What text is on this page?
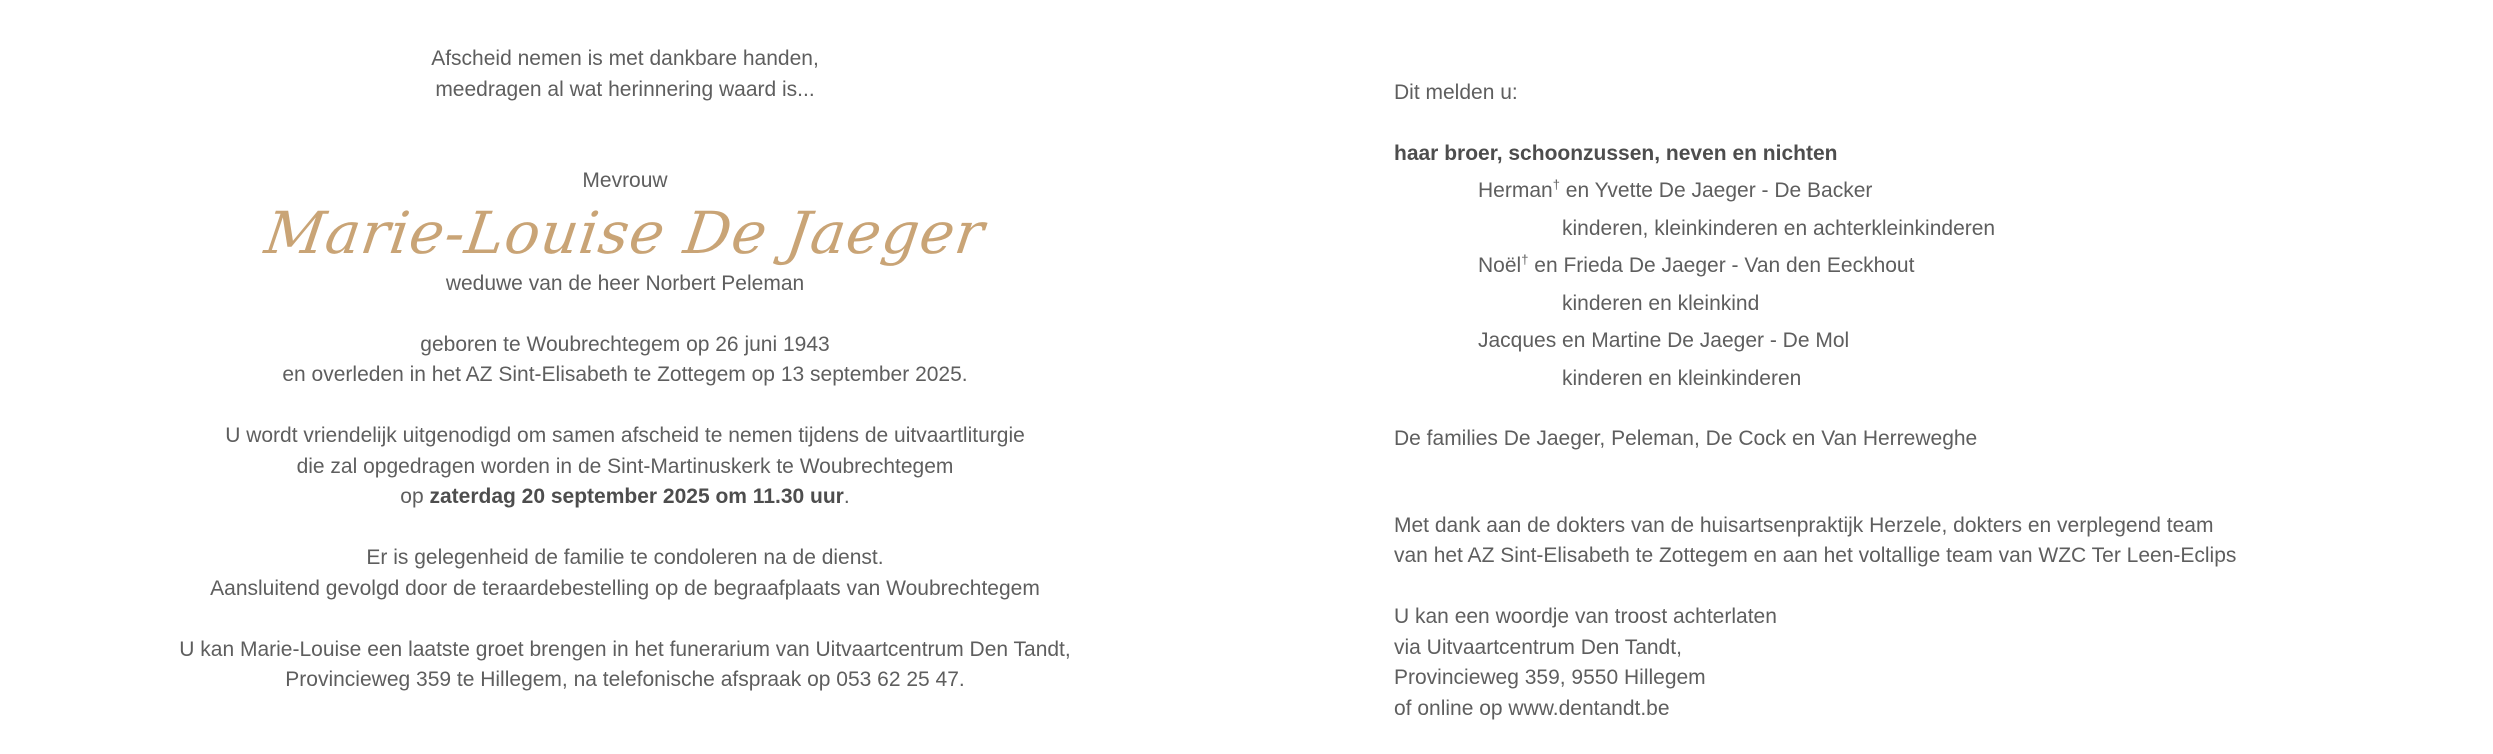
Afscheid nemen is met dankbare handen,

meedragen al wat herinnering waard is...

Mevrouw

Marie-Louise De Jaeger

weduwe van de heer Norbert Peleman

geboren te Woubrechtegem op 26 juni 1943

en overleden in het AZ Sint-Elisabeth te Zottegem op 13 september 2025.

U wordt vriendelijk uitgenodigd om samen afscheid te nemen tijdens de uitvaartliturgie

die zal opgedragen worden in de Sint-Martinuskerk te Woubrechtegem

op zaterdag 20 september 2025 om 11.30 uur.

Er is gelegenheid de familie te condoleren na de dienst.

Aansluitend gevolgd door de teraardebestelling op de begraafplaats van Woubrechtegem

U kan Marie-Louise een laatste groet brengen in het funerarium van Uitvaartcentrum Den Tandt,

Provincieweg 359 te Hillegem, na telefonische afspraak op 053 62 25 47.

Dit melden u:

haar broer, schoonzussen, neven en nichten

Herman† en Yvette De Jaeger - De Backer

kinderen, kleinkinderen en achterkleinkinderen

Noël† en Frieda De Jaeger - Van den Eeckhout

kinderen en kleinkind

Jacques en Martine De Jaeger - De Mol

kinderen en kleinkinderen

De families De Jaeger, Peleman, De Cock en Van Herreweghe

Met dank aan de dokters van de huisartsenpraktijk Herzele, dokters en verplegend team

van het AZ Sint-Elisabeth te Zottegem en aan het voltallige team van WZC Ter Leen-Eclips

U kan een woordje van troost achterlaten

via Uitvaartcentrum Den Tandt,

Provincieweg 359, 9550 Hillegem

of online op www.dentandt.be
